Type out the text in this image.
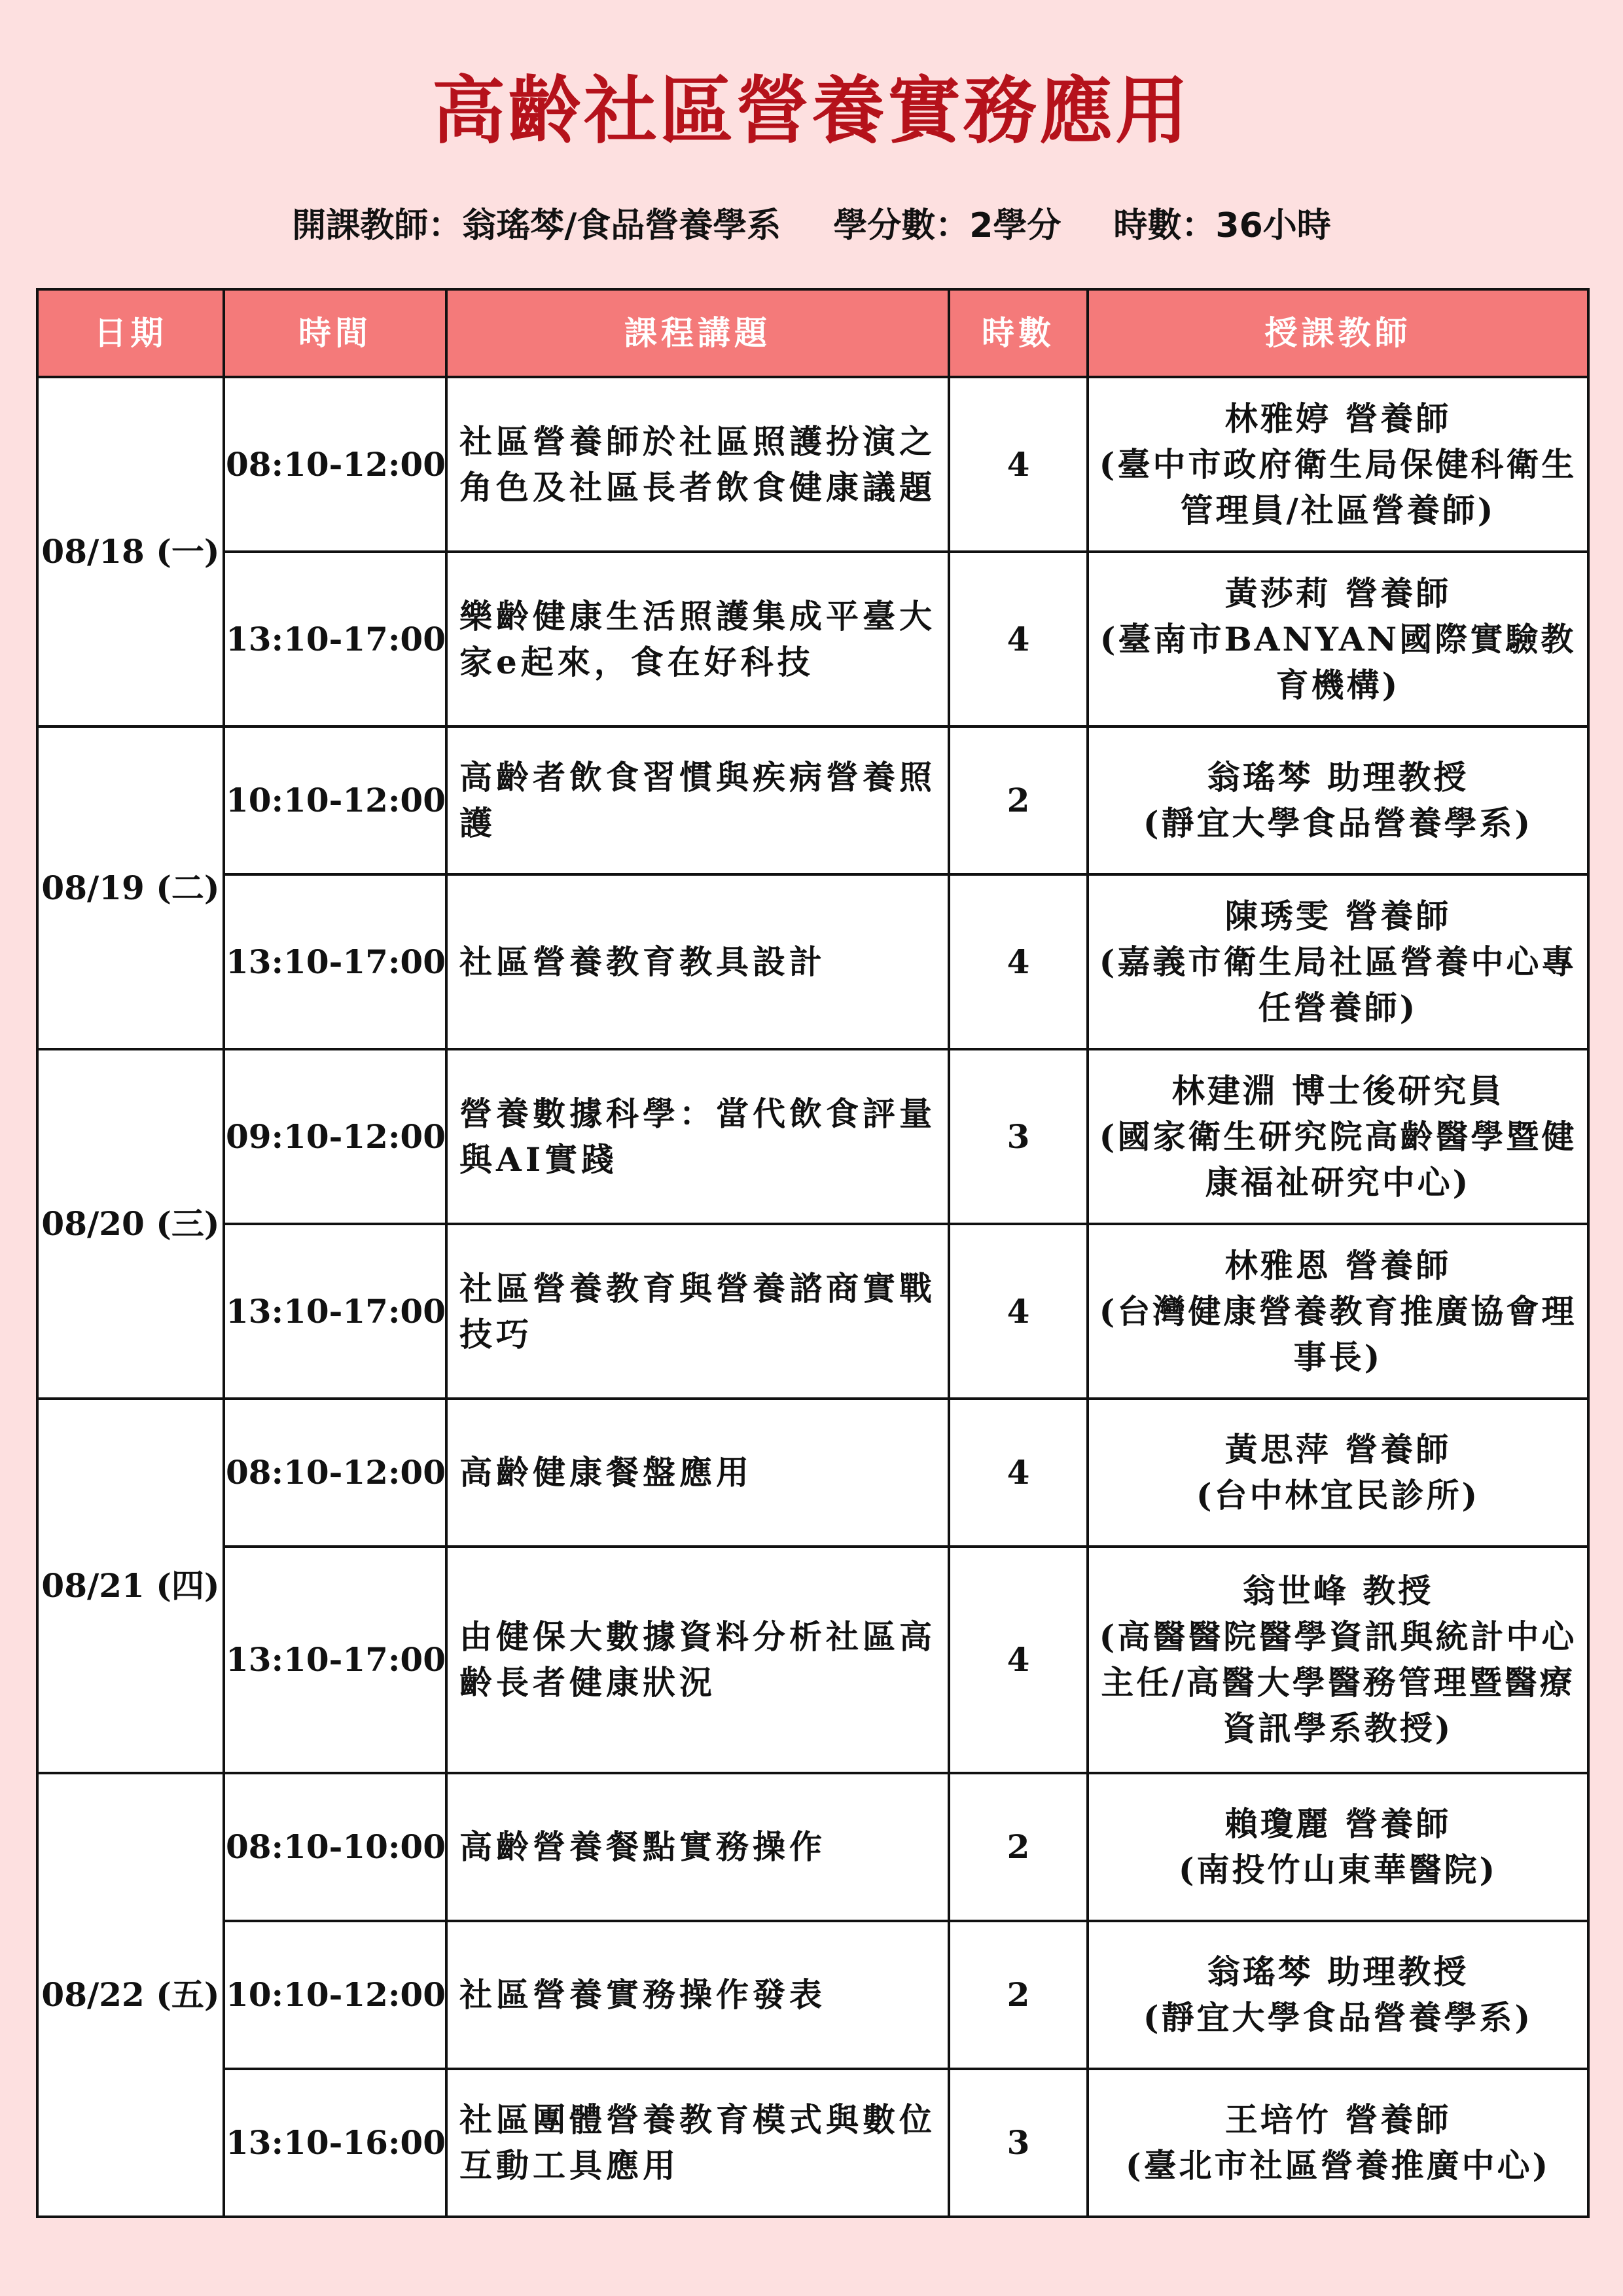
高齡社區營養實務應用
開課教師：翁瑤棽/食品營養學系 學分數：2學分 時數：36小時
日期	時間	課程講題	時數	授課教師
08/18 (一)	08:10-12:00	社區營養師於社區照護扮演之角色及社區長者飲食健康議題	4	林雅婷 營養師
(臺中市政府衛生局保健科衛生管理員/社區營養師)

	13:10-17:00	樂齡健康生活照護集成平臺大家e起來，食在好科技	4	黃莎莉 營養師
(臺南市BANYAN國際實驗教育機構)

08/19 (二)	10:10-12:00	高齡者飲食習慣與疾病營養照護	2	翁瑤棽 助理教授
(靜宜大學食品營養學系)

	13:10-17:00	社區營養教育教具設計	4	陳琇雯 營養師
(嘉義市衛生局社區營養中心專任營養師)

08/20 (三)	09:10-12:00	營養數據科學：當代飲食評量與AI實踐	3	林建淵 博士後研究員
(國家衛生研究院高齡醫學暨健康福祉研究中心)

	13:10-17:00	社區營養教育與營養諮商實戰技巧	4	林雅恩 營養師
(台灣健康營養教育推廣協會理事長)

08/21 (四)	08:10-12:00	高齡健康餐盤應用	4	黃思萍 營養師
(台中林宜民診所)

	13:10-17:00	由健保大數據資料分析社區高齡長者健康狀況	4	翁世峰 教授
(高醫醫院醫學資訊與統計中心主任/高醫大學醫務管理暨醫療資訊學系教授)

08/22 (五)	08:10-10:00	高齡營養餐點實務操作	2	賴瓊麗 營養師
(南投竹山東華醫院)

	10:10-12:00	社區營養實務操作發表	2	翁瑤棽 助理教授
(靜宜大學食品營養學系)

	13:10-16:00	社區團體營養教育模式與數位互動工具應用	3	王培竹 營養師
(臺北市社區營養推廣中心)
